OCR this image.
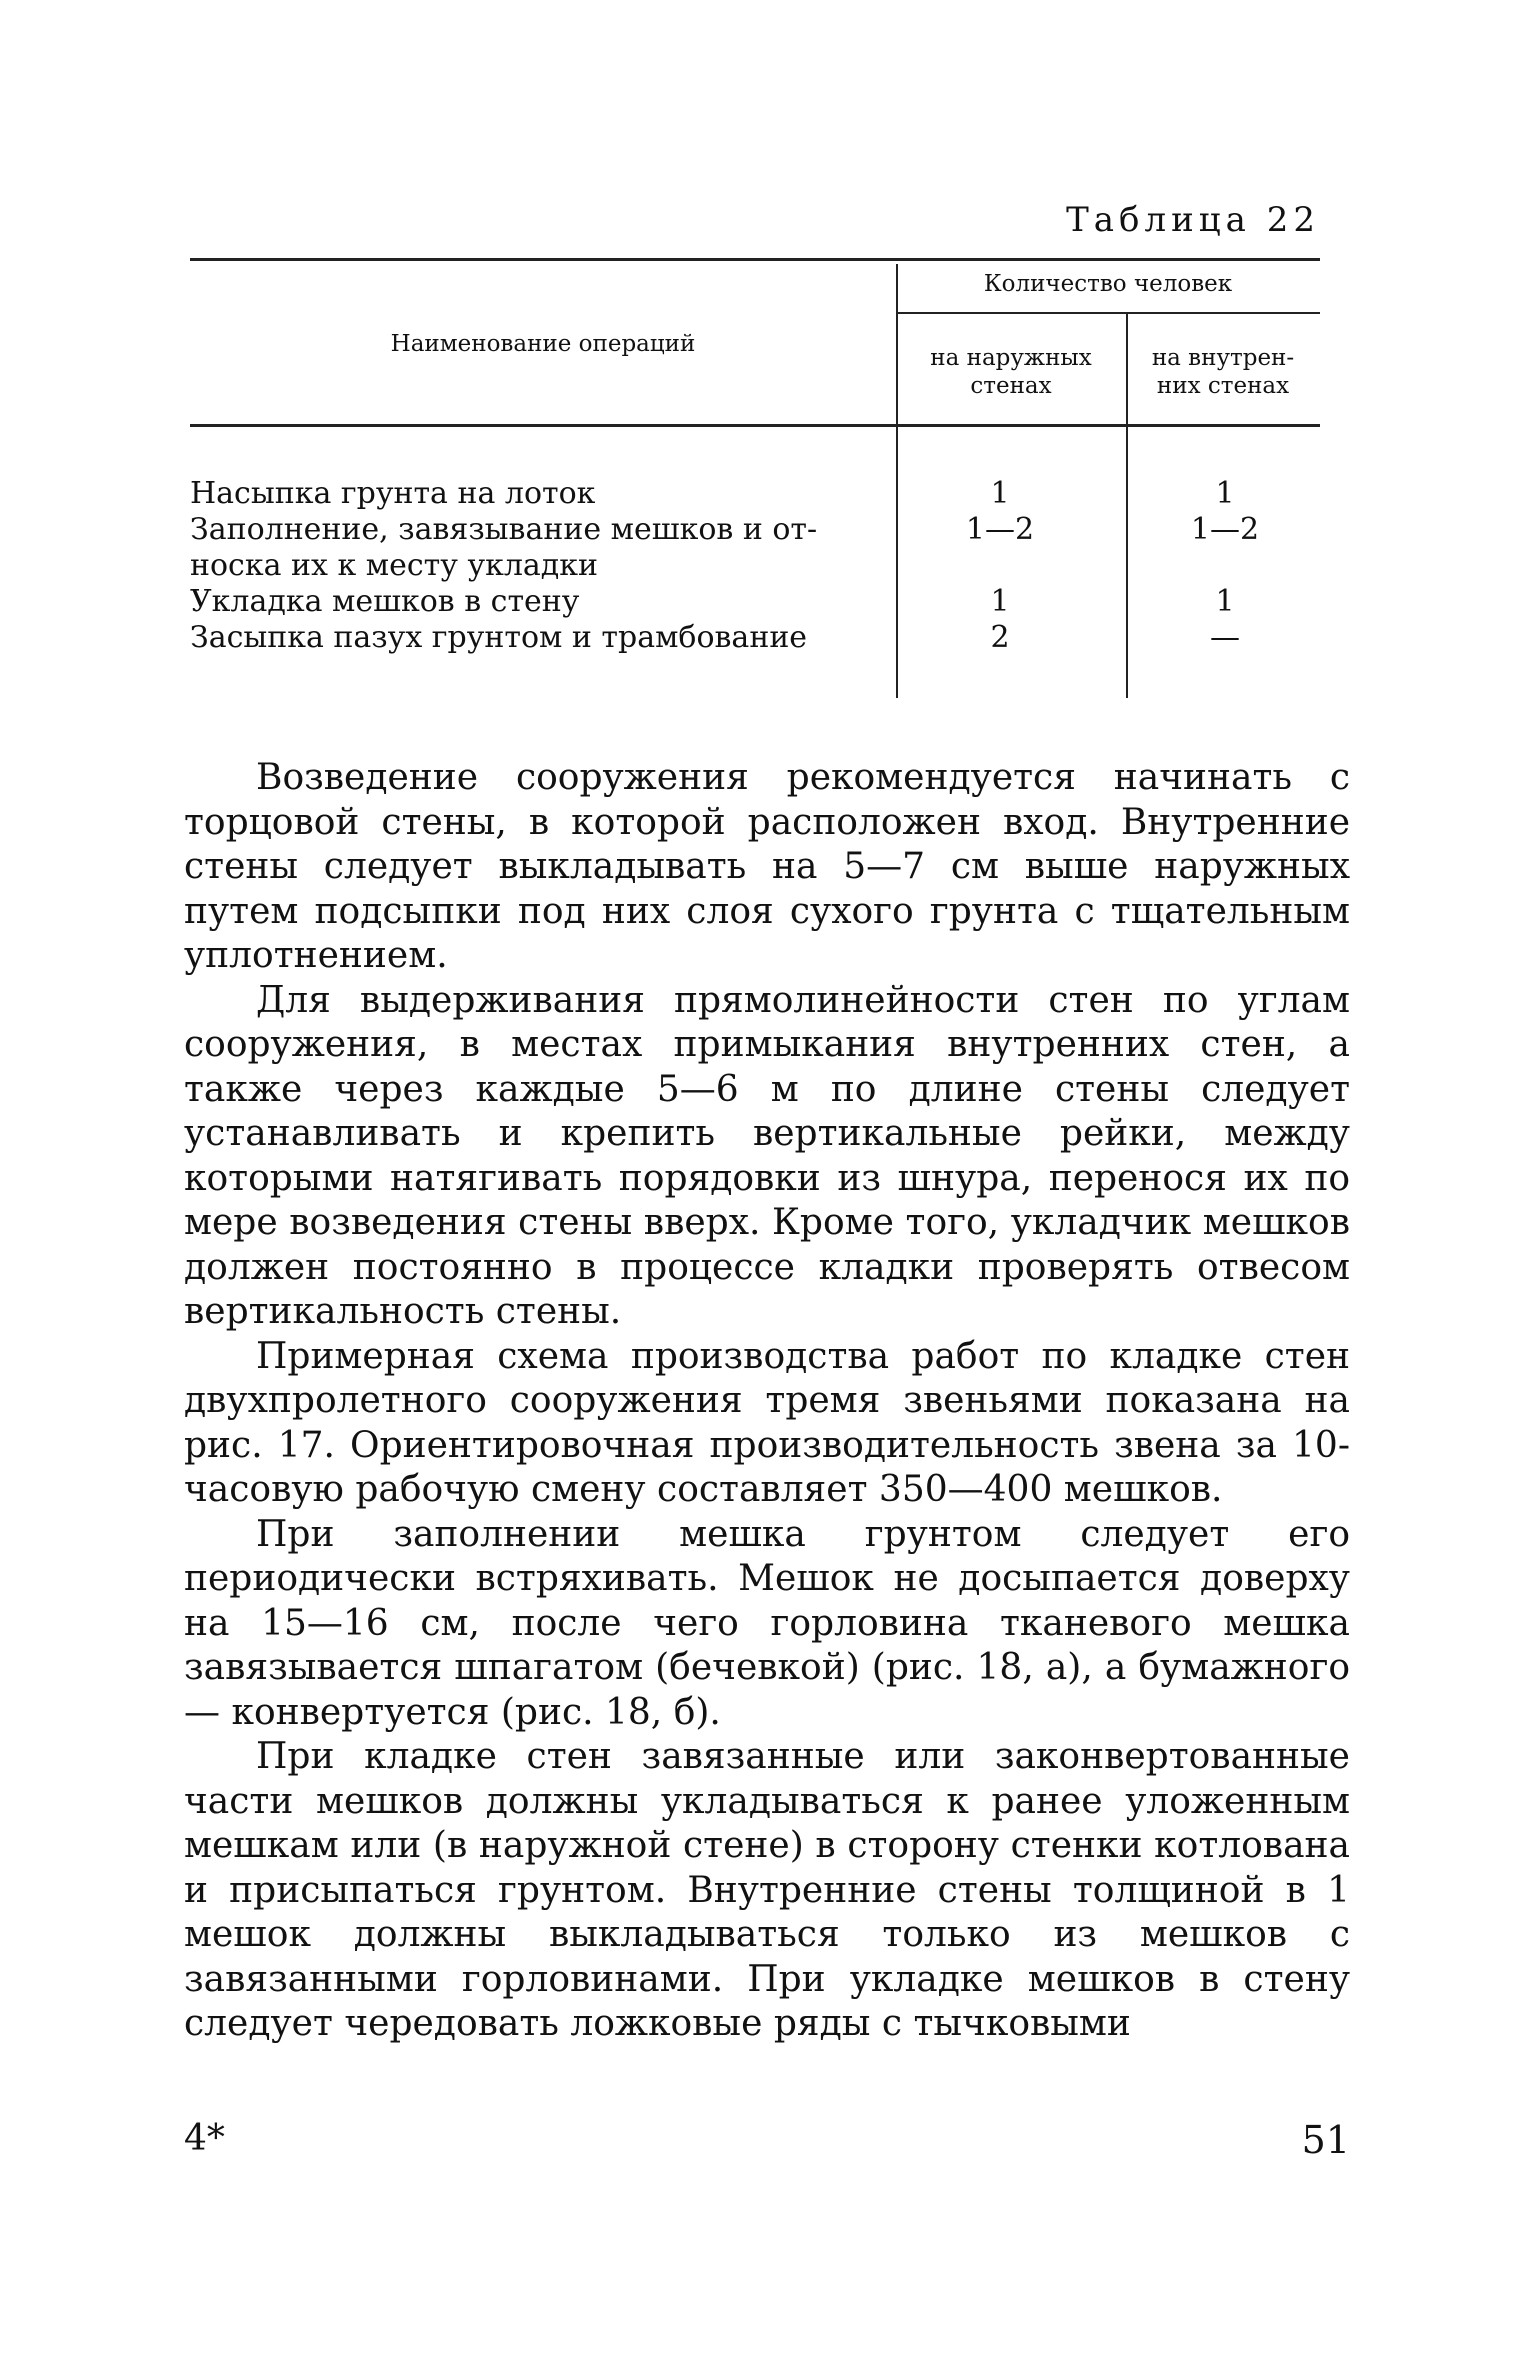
Таблица 22
Наименование операций
Количество человек
на наружных
стенах
на внутрен-
них стенах
Насыпка грунта на лоток	1	1
Заполнение, завязывание мешков и от-
носка их к месту укладки
1—2	1—2
Укладка мешков в стену	1	1
Засыпка пазух грунтом и трамбование	2	—

Возведение сооружения рекомендуется начинать с торцовой стены, в которой расположен вход. Внутренние стены следует выкладывать на 5—7 см выше наружных путем подсыпки под них слоя сухого грунта с тщательным уплотнением.

Для выдерживания прямолинейности стен по углам сооружения, в местах примыкания внутренних стен, а также через каждые 5—6 м по длине стены следует устанавливать и крепить вертикальные рейки, между которыми натягивать порядовки из шнура, перенося их по мере возведения стены вверх. Кроме того, укладчик мешков должен постоянно в процессе кладки проверять отвесом вертикальность стены.

Примерная схема производства работ по кладке стен двухпролетного сооружения тремя звеньями показана на рис. 17. Ориентировочная производительность звена за 10-часовую рабочую смену составляет 350—400 мешков.

При заполнении мешка грунтом следует его периодически встряхивать. Мешок не досыпается доверху на 15—16 см, после чего горловина тканевого мешка завязывается шпагатом (бечевкой) (рис. 18, а), а бумажного — конвертуется (рис. 18, б).

При кладке стен завязанные или законвертованные части мешков должны укладываться к ранее уложенным мешкам или (в наружной стене) в сторону стенки котлована и присыпаться грунтом. Внутренние стены толщиной в 1 мешок должны выкладываться только из мешков с завязанными горловинами. При укладке мешков в стену следует чередовать ложковые ряды с тычковыми

4*	51
